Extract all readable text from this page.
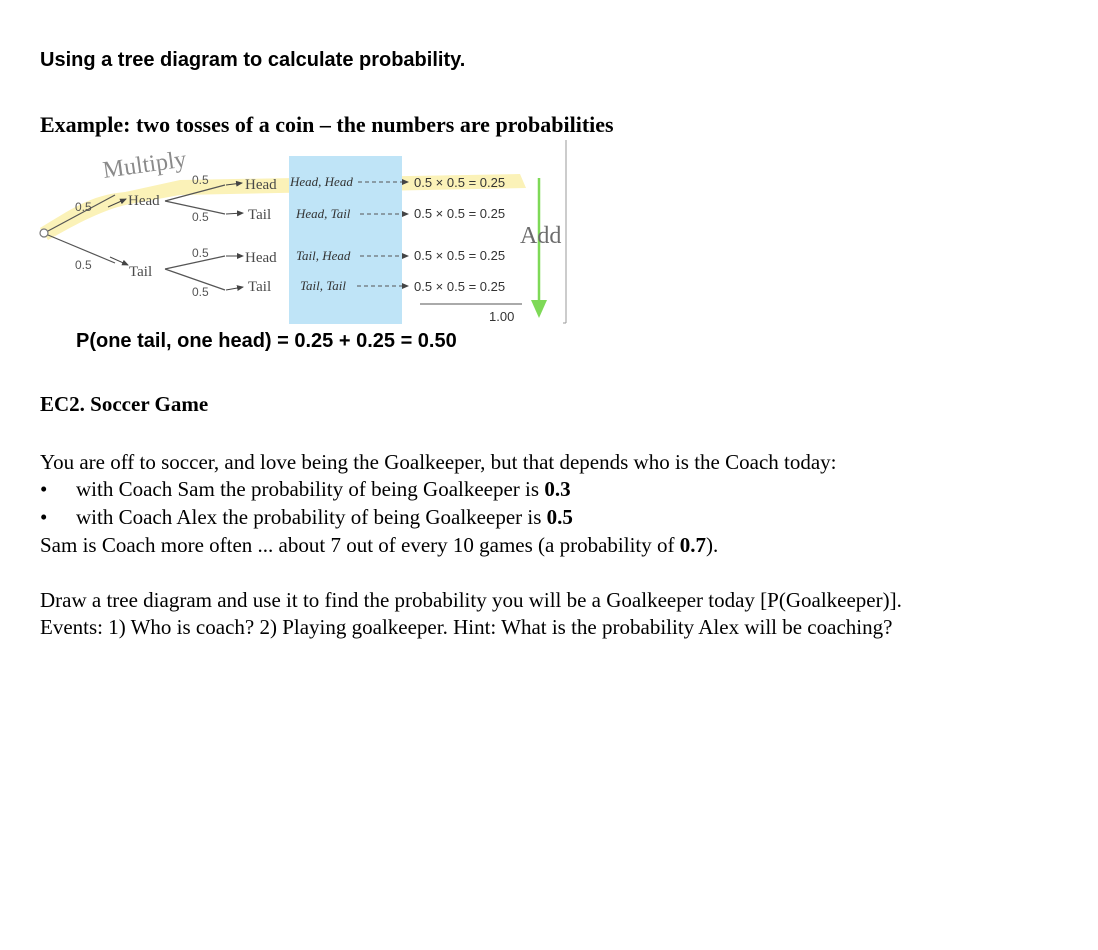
Using a tree diagram to calculate probability.
Example: two tosses of a coin – the numbers are probabilities
Multiply
Add
0.5 Head
0.5 Tail
0.5 Head
0.5	Tail
0.5 Head
0.5	Tail
Head, Head
Head, Tail
Tail, Head
Tail, Tail
0.5 × 0.5 = 0.25
0.5 × 0.5 = 0.25
0.5 × 0.5 = 0.25
0.5 × 0.5 = 0.25
1.00
P(one tail, one head) = 0.25 + 0.25 = 0.50
EC2. Soccer Game
You are off to soccer, and love being the Goalkeeper, but that depends who is the Coach today:
• with Coach Sam the probability of being Goalkeeper is 0.3
• with Coach Alex the probability of being Goalkeeper is 0.5
Sam is Coach more often ... about 7 out of every 10 games (a probability of 0.7).
Draw a tree diagram and use it to find the probability you will be a Goalkeeper today [P(Goalkeeper)].
Events: 1) Who is coach? 2) Playing goalkeeper. Hint: What is the probability Alex will be coaching?
